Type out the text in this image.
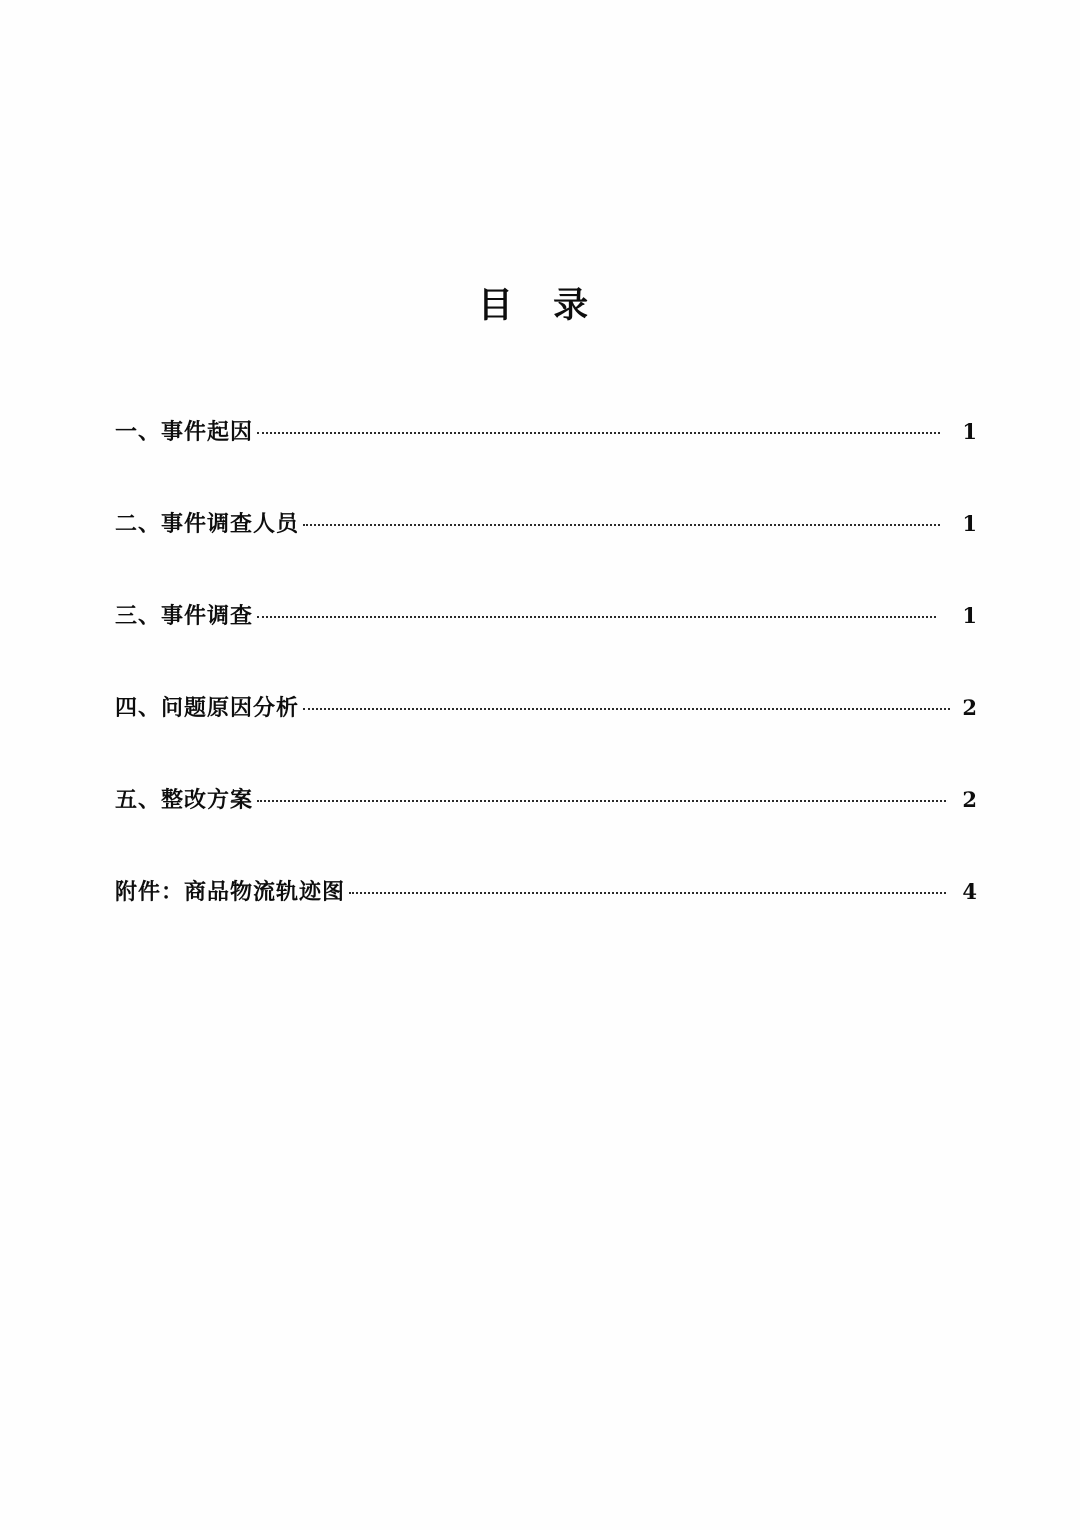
目 录
一、事件起因	1
二、事件调查人员	1
三、事件调查	1
四、问题原因分析	2
五、整改方案	2
附件：商品物流轨迹图	4
